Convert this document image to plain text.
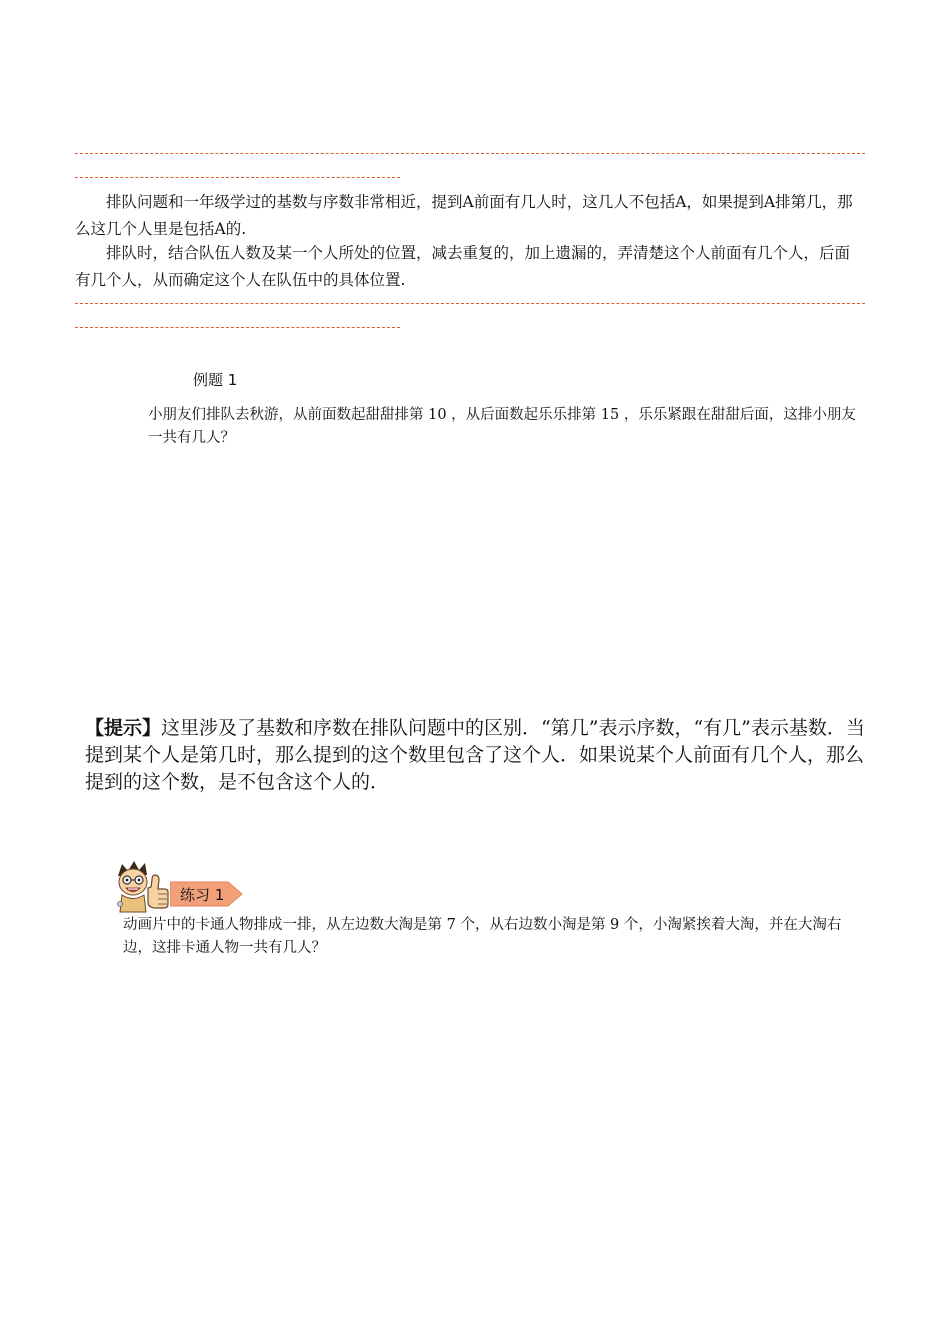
排队问题和一年级学过的基数与序数非常相近，提到A前面有几人时，这几人不包括A，如果提到A排第几，那么这几个人里是包括A的.

排队时，结合队伍人数及某一个人所处的位置，减去重复的，加上遗漏的，弄清楚这个人前面有几个人，后面有几个人，从而确定这个人在队伍中的具体位置.

例题 1

小朋友们排队去秋游，从前面数起甜甜排第 10 ，从后面数起乐乐排第 15 ，乐乐紧跟在甜甜后面，这排小朋友一共有几人？

【提示】这里涉及了基数和序数在排队问题中的区别．“第几”表示序数，“有几”表示基数．当提到某个人是第几时，那么提到的这个数里包含了这个人．如果说某个人前面有几个人，那么提到的这个数，是不包含这个人的．

练习 1

动画片中的卡通人物排成一排，从左边数大淘是第 7 个，从右边数小淘是第 9 个，小淘紧挨着大淘，并在大淘右边，这排卡通人物一共有几人？
